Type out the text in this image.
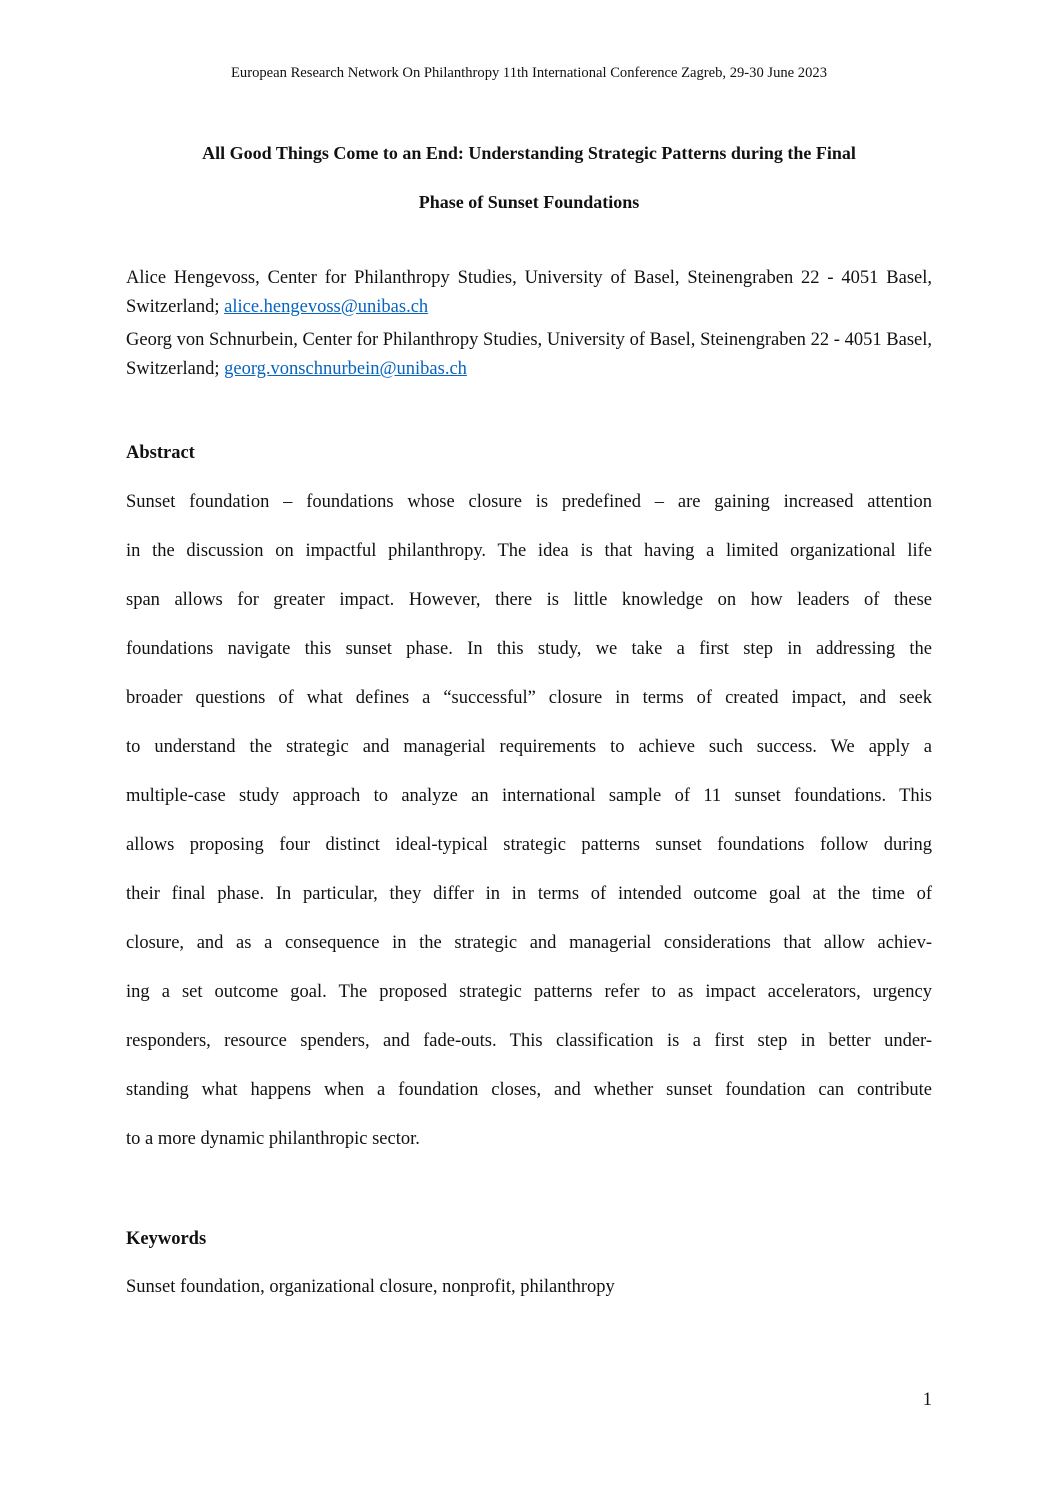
European Research Network On Philanthropy 11th International Conference Zagreb, 29-30 June 2023
All Good Things Come to an End: Understanding Strategic Patterns during the Final
Phase of Sunset Foundations
Alice Hengevoss, Center for Philanthropy Studies, University of Basel, Steinengraben 22 - 4051 Basel, Switzerland; alice.hengevoss@unibas.ch
Georg von Schnurbein, Center for Philanthropy Studies, University of Basel, Steinengraben 22 - 4051 Basel, Switzerland; georg.vonschnurbein@unibas.ch
Abstract
Sunset foundation – foundations whose closure is predefined – are gaining increased attention
in the discussion on impactful philanthropy. The idea is that having a limited organizational life
span allows for greater impact. However, there is little knowledge on how leaders of these
foundations navigate this sunset phase. In this study, we take a first step in addressing the
broader questions of what defines a “successful” closure in terms of created impact, and seek
to understand the strategic and managerial requirements to achieve such success. We apply a
multiple-case study approach to analyze an international sample of 11 sunset foundations. This
allows proposing four distinct ideal-typical strategic patterns sunset foundations follow during
their final phase. In particular, they differ in in terms of intended outcome goal at the time of
closure, and as a consequence in the strategic and managerial considerations that allow achiev-
ing a set outcome goal. The proposed strategic patterns refer to as impact accelerators, urgency
responders, resource spenders, and fade-outs. This classification is a first step in better under-
standing what happens when a foundation closes, and whether sunset foundation can contribute
to a more dynamic philanthropic sector.
Keywords
Sunset foundation, organizational closure, nonprofit, philanthropy
1
